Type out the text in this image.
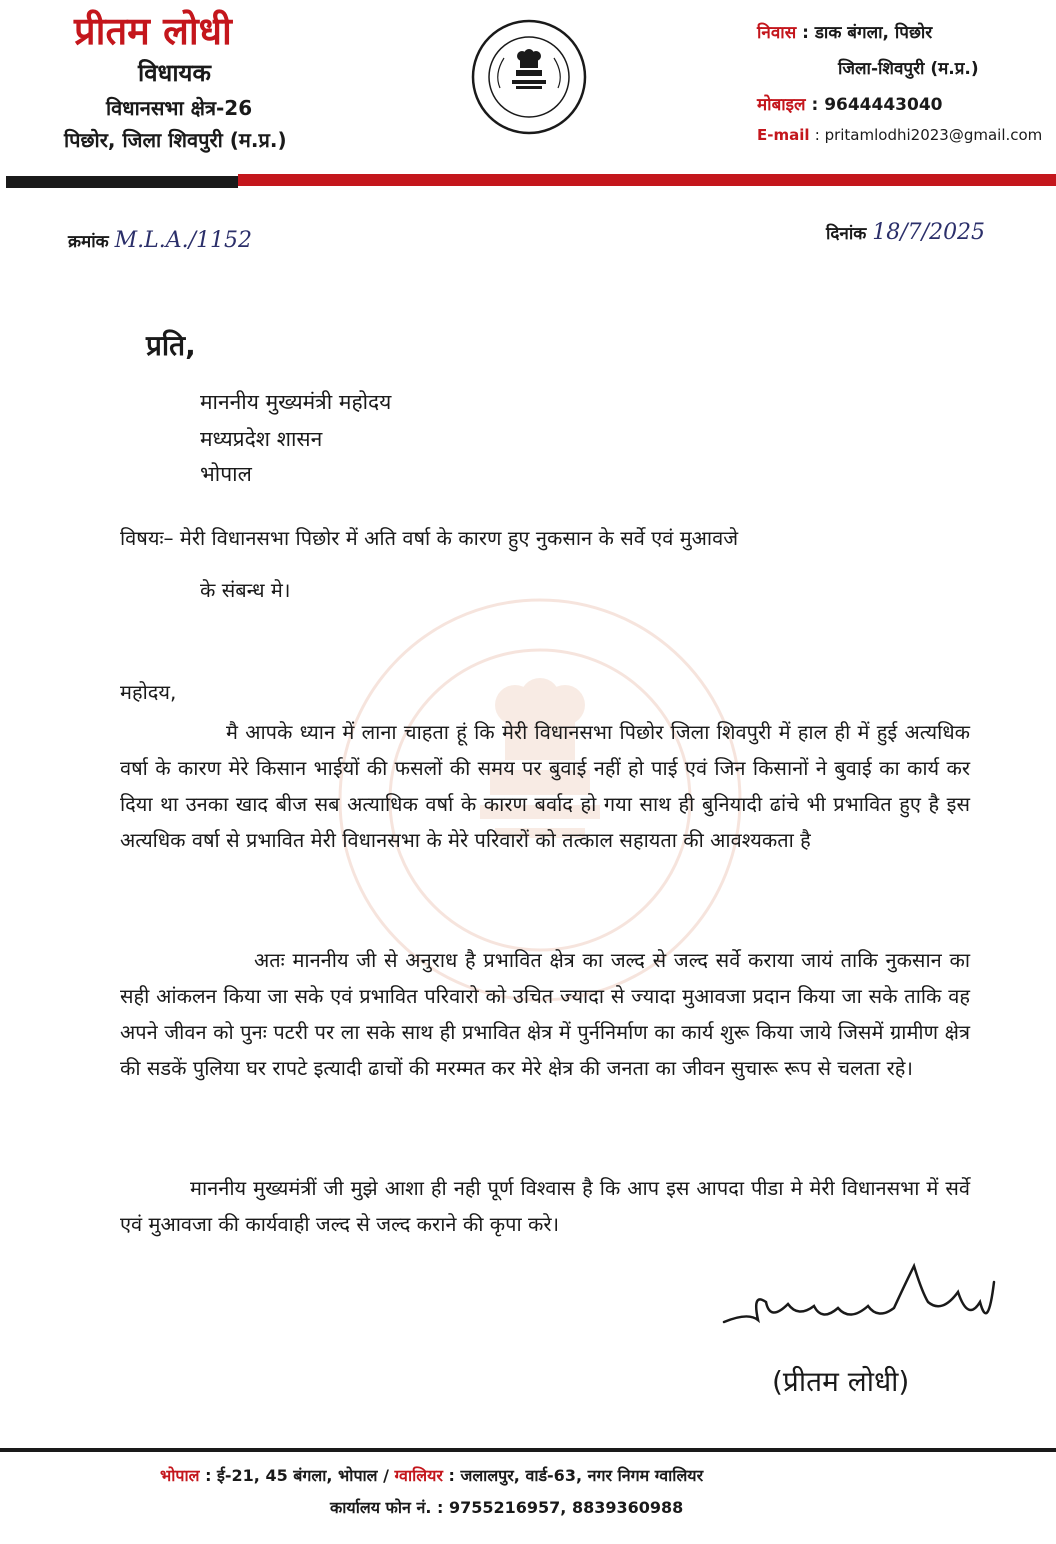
प्रीतम लोधी
विधायक
विधानसभा क्षेत्र-26
पिछोर, जिला शिवपुरी (म.प्र.)
निवास : डाक बंगला, पिछोर
जिला-शिवपुरी (म.प्र.)
मोबाइल : 9644443040
E-mail : pritamlodhi2023@gmail.com
क्रमांक M.L.A./1152	दिनांक 18/7/2025
प्रति,
माननीय मुख्यमंत्री महोदय
मध्यप्रदेश शासन
भोपाल
विषयः– मेरी विधानसभा पिछोर में अति वर्षा के कारण हुए नुकसान के सर्वे एवं मुआवजे
के संबन्ध मे।
महोदय,
मै आपके ध्यान में लाना चाहता हूं कि मेरी विधानसभा पिछोर जिला शिवपुरी में हाल ही में हुई अत्यधिक वर्षा के कारण मेरे किसान भाईयों की फसलों की समय पर बुवाई नहीं हो पाई एवं जिन किसानों ने बुवाई का कार्य कर दिया था उनका खाद बीज सब अत्याधिक वर्षा के कारण बर्वाद हो गया साथ ही बुनियादी ढांचे भी प्रभावित हुए है इस अत्यधिक वर्षा से प्रभावित मेरी विधानसभा के मेरे परिवारों को तत्काल सहायता की आवश्यकता है
अतः माननीय जी से अनुराध है प्रभावित क्षेत्र का जल्द से जल्द सर्वे कराया जायं ताकि नुकसान का सही आंकलन किया जा सके एवं प्रभावित परिवारो को उचित ज्यादा से ज्यादा मुआवजा प्रदान किया जा सके ताकि वह अपने जीवन को पुनः पटरी पर ला सके साथ ही प्रभावित क्षेत्र में पुर्ननिर्माण का कार्य शुरू किया जाये जिसमें ग्रामीण क्षेत्र की सडकें पुलिया घर रापटे इत्यादी ढाचों की मरम्मत कर मेरे क्षेत्र की जनता का जीवन सुचारू रूप से चलता रहे।
माननीय मुख्यमंत्रीं जी मुझे आशा ही नही पूर्ण विश्वास है कि आप इस आपदा पीडा मे मेरी विधानसभा में सर्वे एवं मुआवजा की कार्यवाही जल्द से जल्द कराने की कृपा करे।
(प्रीतम लोधी)
भोपाल : ई-21, 45 बंगला, भोपाल / ग्वालियर : जलालपुर, वार्ड-63, नगर निगम ग्वालियर
कार्यालय फोन नं. : 9755216957, 8839360988
